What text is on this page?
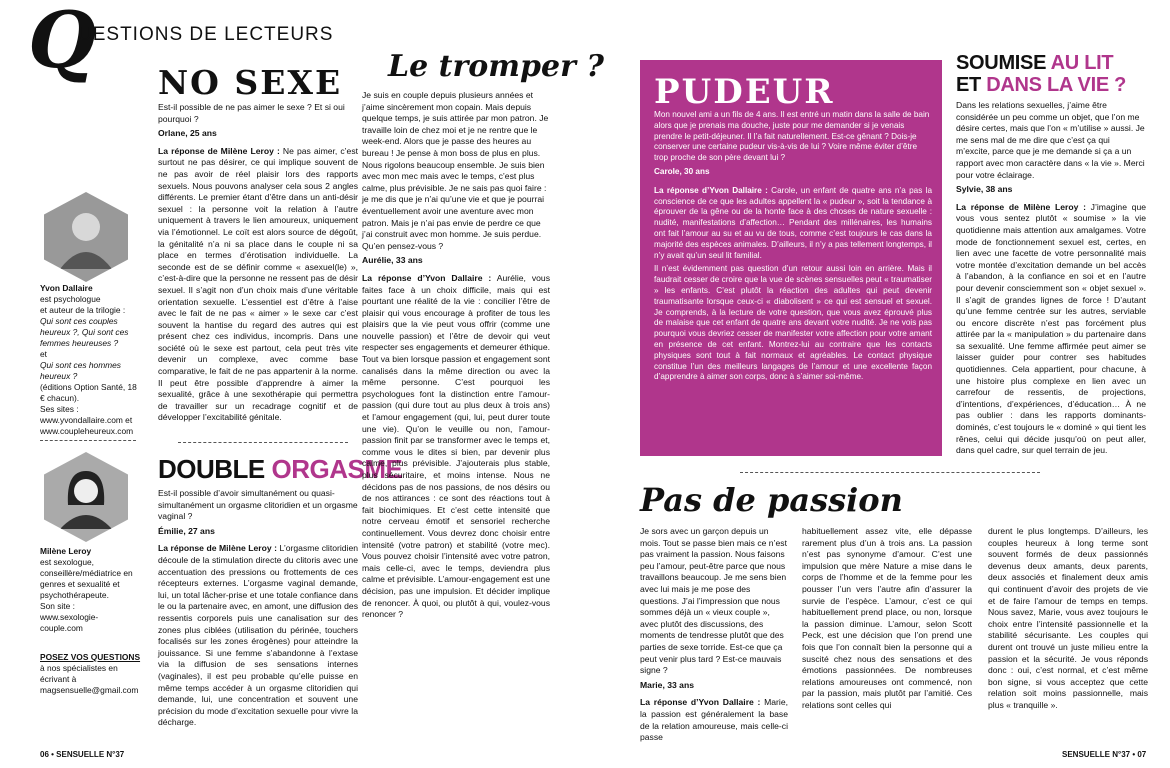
Q
UESTIONS DE LECTEURS
Yvon Dallaire
est psychologue
et auteur de la trilogie :
Qui sont ces couples heureux ?, Qui sont ces femmes heureuses ?
et
Qui sont ces hommes heureux ?
(éditions Option Santé, 18 € chacun).
Ses sites :
www.yvondallaire.com et
www.coupleheureux.com
Milène Leroy
est sexologue, conseillère/médiatrice en genres et sexualité et psychothérapeute.
Son site :
www.sexologie-couple.com
POSEZ VOS QUESTIONS
à nos spécialistes en écrivant à
magsensuelle@gmail.com
NO SEXE

Est-il possible de ne pas aimer le sexe ? Et si oui pourquoi ?

Orlane, 25 ans

La réponse de Milène Leroy : Ne pas aimer, c’est surtout ne pas désirer, ce qui implique souvent de ne pas avoir de réel plaisir lors des rapports sexuels. Nous pouvons analyser cela sous 2 angles différents. Le premier étant d’être dans un anti-désir sexuel : la personne voit la relation à l’autre uniquement à travers le lien amoureux, uniquement via l’émotionnel. Le coït est alors source de dégoût, la génitalité n’a ni sa place dans le couple ni sa place en termes d’érotisation individuelle. La seconde est de se définir comme « asexuel(le) », c’est-à-dire que la personne ne ressent pas de désir sexuel. Il s’agit non d’un choix mais d’une véritable orientation sexuelle. L’essentiel est d’être à l’aise avec le fait de ne pas « aimer » le sexe car c’est souvent la hantise du regard des autres qui est présent chez ces individus, incompris. Dans une société où le sexe est partout, cela peut très vite devenir un complexe, avec comme base comparative, le fait de ne pas appartenir à la norme. Il peut être possible d’apprendre à aimer la sexualité, grâce à une sexothérapie qui permettra de travailler sur un recadrage cognitif et de développer l’excitabilité génitale.

DOUBLE ORGASME

Est-il possible d’avoir simultanément ou quasi-simultanément un orgasme clitoridien et un orgasme vaginal ?

Émilie, 27 ans

La réponse de Milène Leroy : L’orgasme clitoridien découle de la stimulation directe du clitoris avec une accentuation des pressions ou frottements de ces récepteurs externes. L’orgasme vaginal demande, lui, un total lâcher-prise et une totale confiance dans le ou la partenaire avec, en amont, une diffusion des ressentis corporels puis une canalisation sur des zones plus ciblées (utilisation du périnée, touchers focalisés sur les zones érogènes) pour atteindre la jouissance. Si une femme s’abandonne à l’extase via la diffusion de ses sensations internes (vaginales), il est peu probable qu’elle puisse en même temps accéder à un orgasme clitoridien qui demande, lui, une concentration et souvent une précision du mode d’excitation sexuelle pour vivre la décharge.

Le tromper ?

Je suis en couple depuis plusieurs années et j’aime sincèrement mon copain. Mais depuis quelque temps, je suis attirée par mon patron. Je travaille loin de chez moi et je ne rentre que le week-end. Alors que je passe des heures au bureau ! Je pense à mon boss de plus en plus. Nous rigolons beaucoup ensemble. Je suis bien avec mon mec mais avec le temps, c’est plus calme, plus prévisible. Je ne sais pas quoi faire : je me dis que je n’ai qu’une vie et que je pourrai éventuellement avoir une aventure avec mon patron. Mais je n’ai pas envie de perdre ce que j’ai construit avec mon homme. Je suis perdue. Qu’en pensez-vous ?

Aurélie, 33 ans

La réponse d’Yvon Dallaire : Aurélie, vous faites face à un choix difficile, mais qui est pourtant une réalité de la vie : concilier l’être de plaisir qui vous encourage à profiter de tous les plaisirs que la vie peut vous offrir (comme une nouvelle passion) et l’être de devoir qui veut respecter ses engagements et demeurer éthique. Tout va bien lorsque passion et engagement sont canalisés dans la même direction ou avec la même personne. C’est pourquoi les psychologues font la distinction entre l’amour-passion (qui dure tout au plus deux à trois ans) et l’amour engagement (qui, lui, peut durer toute une vie). Qu’on le veuille ou non, l’amour-passion finit par se transformer avec le temps et, comme vous le dites si bien, par devenir plus calme, plus prévisible. J’ajouterais plus stable, plus sécuritaire, et moins intense. Nous ne décidons pas de nos passions, de nos désirs ou de nos attirances : ce sont des réactions tout à fait biochimiques. Et c’est cette intensité que notre cerveau émotif et sensoriel recherche continuellement. Vous devrez donc choisir entre intensité (votre patron) et stabilité (votre mec). Vous pouvez choisir l’intensité avec votre patron, mais celle-ci, avec le temps, deviendra plus calme et prévisible. L’amour-engagement est une décision, pas une impulsion. Et décider implique de renoncer. À quoi, ou plutôt à qui, voulez-vous renoncer ?

PUDEUR

Mon nouvel ami a un fils de 4 ans. Il est entré un matin dans la salle de bain alors que je prenais ma douche, juste pour me demander si je venais prendre le petit-déjeuner. Il l’a fait naturellement. Est-ce gênant ? Dois-je conserver une certaine pudeur vis-à-vis de lui ? Voire même éviter d’être trop proche de son père devant lui ?

Carole, 30 ans

La réponse d’Yvon Dallaire : Carole, un enfant de quatre ans n’a pas la conscience de ce que les adultes appellent la « pudeur », soit la tendance à éprouver de la gêne ou de la honte face à des choses de nature sexuelle : nudité, manifestations d’affection… Pendant des millénaires, les humains ont fait l’amour au su et au vu de tous, comme c’est toujours le cas dans la majorité des espèces animales. D’ailleurs, il n’y a pas tellement longtemps, il n’y avait qu’un seul lit familial.

Il n’est évidemment pas question d’un retour aussi loin en arrière. Mais il faudrait cesser de croire que la vue de scènes sensuelles peut « traumatiser » les enfants. C’est plutôt la réaction des adultes qui peut devenir traumatisante lorsque ceux-ci « diabolisent » ce qui est sensuel et sexuel. Je comprends, à la lecture de votre question, que vous avez éprouvé plus de malaise que cet enfant de quatre ans devant votre nudité. Je ne vois pas pourquoi vous devriez cesser de manifester votre affection pour votre amant en présence de cet enfant. Montrez-lui au contraire que les contacts physiques sont tout à fait normaux et agréables. Le contact physique constitue l’un des meilleurs langages de l’amour et une excellente façon d’apprendre à aimer son corps, donc à s’aimer soi-même.

SOUMISE AU LIT
ET DANS LA VIE ?

Dans les relations sexuelles, j’aime être considérée un peu comme un objet, que l’on me désire certes, mais que l’on « m’utilise » aussi. Je me sens mal de me dire que c’est ça qui m’excite, parce que je me demande si ça a un rapport avec mon caractère dans « la vie ». Merci pour votre éclairage.

Sylvie, 38 ans

La réponse de Milène Leroy : J’imagine que vous vous sentez plutôt « soumise » la vie quotidienne mais attention aux amalgames. Votre mode de fonctionnement sexuel est, certes, en lien avec une facette de votre personnalité mais votre montée d’excitation demande un bel accès à l’abandon, à la confiance en soi et en l’autre pour devenir consciemment son « objet sexuel ». Il s’agit de grandes lignes de force ! D’autant qu’une femme centrée sur les autres, serviable ou encore discrète n’est pas forcément plus attirée par la « manipulation » du partenaire dans sa sexualité. Une femme affirmée peut aimer se laisser guider pour contrer ses habitudes quotidiennes. Cela appartient, pour chacune, à une histoire plus complexe en lien avec un carrefour de ressentis, de projections, d’intentions, d’expériences, d’éducation… À ne pas oublier : dans les rapports dominants-dominés, c’est toujours le « dominé » qui tient les rênes, celui qui décide jusqu’où on peut aller, dans quel cadre, sur quel terrain de jeu.

Pas de passion

Je sors avec un garçon depuis un mois. Tout se passe bien mais ce n’est pas vraiment la passion. Nous faisons peu l’amour, peut-être parce que nous travaillons beaucoup. Je me sens bien avec lui mais je me pose des questions. J’ai l’impression que nous sommes déjà un « vieux couple », avec plutôt des discussions, des moments de tendresse plutôt que des parties de sexe torride. Est-ce que ça peut venir plus tard ? Est-ce mauvais signe ?

Marie, 33 ans

La réponse d’Yvon Dallaire : Marie, la passion est généralement la base de la relation amoureuse, mais celle-ci passe

habituellement assez vite, elle dépasse rarement plus d’un à trois ans. La passion n’est pas synonyme d’amour. C’est une impulsion que mère Nature a mise dans le corps de l’homme et de la femme pour les pousser l’un vers l’autre afin d’assurer la survie de l’espèce. L’amour, c’est ce qui habituellement prend place, ou non, lorsque la passion diminue. L’amour, selon Scott Peck, est une décision que l’on prend une fois que l’on connaît bien la personne qui a suscité chez nous des sensations et des émotions passionnées. De nombreuses relations amoureuses ont commencé, non par la passion, mais plutôt par l’amitié. Ces relations sont celles qui

durent le plus longtemps. D’ailleurs, les couples heureux à long terme sont souvent formés de deux passionnés devenus deux amants, deux parents, deux associés et finalement deux amis qui continuent d’avoir des projets de vie et de faire l’amour de temps en temps. Nous savez, Marie, vous avez toujours le choix entre l’intensité passionnelle et la stabilité sécurisante. Les couples qui durent ont trouvé un juste milieu entre la passion et la sécurité. Je vous réponds donc : oui, c’est normal, et c’est même bon signe, si vous acceptez que cette relation soit moins passionnelle, mais plus « tranquille ».

06 • SENSUELLE N°37	SENSUELLE N°37 • 07
